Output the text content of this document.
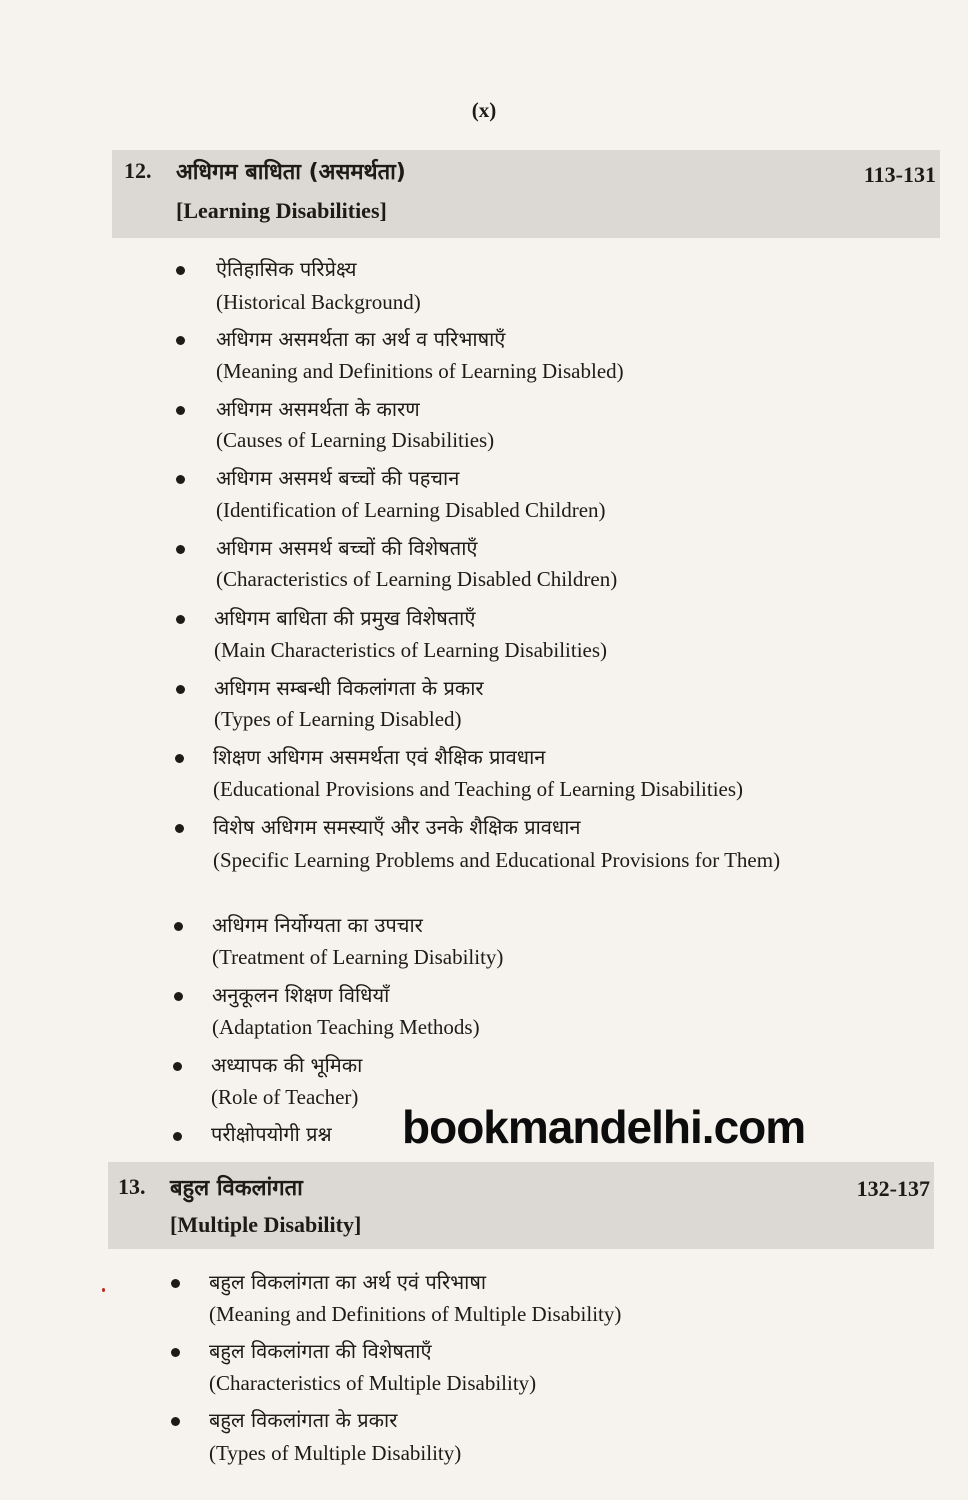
(x)
12. अधिगम बाधिता (असमर्थता)
[Learning Disabilities]
113-131
ऐतिहासिक परिप्रेक्ष्य
(Historical Background)
अधिगम असमर्थता का अर्थ व परिभाषाएँ
(Meaning and Definitions of Learning Disabled)
अधिगम असमर्थता के कारण
(Causes of Learning Disabilities)
अधिगम असमर्थ बच्चों की पहचान
(Identification of Learning Disabled Children)
अधिगम असमर्थ बच्चों की विशेषताएँ
(Characteristics of Learning Disabled Children)
अधिगम बाधिता की प्रमुख विशेषताएँ
(Main Characteristics of Learning Disabilities)
अधिगम सम्बन्धी विकलांगता के प्रकार
(Types of Learning Disabled)
शिक्षण अधिगम असमर्थता एवं शैक्षिक प्रावधान
(Educational Provisions and Teaching of Learning Disabilities)
विशेष अधिगम समस्याएँ और उनके शैक्षिक प्रावधान
(Specific Learning Problems and Educational Provisions for Them)
अधिगम निर्योग्यता का उपचार
(Treatment of Learning Disability)
अनुकूलन शिक्षण विधियाँ
(Adaptation Teaching Methods)
अध्यापक की भूमिका
(Role of Teacher)
परीक्षोपयोगी प्रश्न bookmandelhi.com
13. बहुल विकलांगता
[Multiple Disability]
132-137
बहुल विकलांगता का अर्थ एवं परिभाषा
(Meaning and Definitions of Multiple Disability)
बहुल विकलांगता की विशेषताएँ
(Characteristics of Multiple Disability)
बहुल विकलांगता के प्रकार
(Types of Multiple Disability)
